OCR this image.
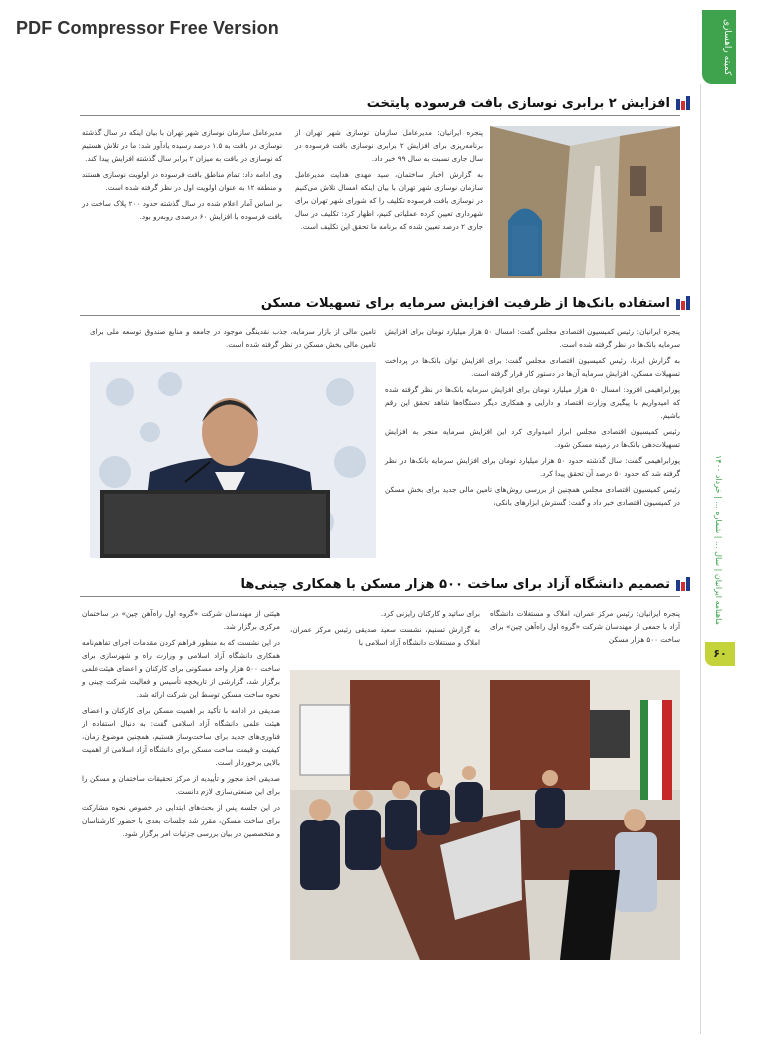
PDF Compressor Free Version	کمیته راهسازی
ماهنامه ایرانیان | سال ... | شماره ... | خرداد ۱۴۰۰
۶۰
افزایش ۲ برابری نوسازی بافت فرسوده پایتخت

پنجره ایرانیان: مدیرعامل سازمان نوسازی شهر تهران از برنامه‌ریزی برای افزایش ۲ برابری نوسازی بافت فرسوده در سال جاری نسبت به سال ۹۹ خبر داد.

به گزارش اخبار ساختمان، سید مهدی هدایت مدیرعامل سازمان نوسازی شهر تهران با بیان اینکه امسال تلاش می‌کنیم در نوسازی بافت فرسوده تکلیف را که شورای شهر تهران برای شهرداری تعیین کرده عملیاتی کنیم، اظهار کرد: تکلیف در سال جاری ۲ درصد تعیین شده که برنامه ما تحقق این تکلیف است.

مدیرعامل سازمان نوسازی شهر تهران با بیان اینکه در سال گذشته نوسازی در بافت به ۱.۵ درصد رسیده یادآور شد: ما در تلاش هستیم که نوسازی در بافت به میزان ۲ برابر سال گذشته افزایش پیدا کند.

وی ادامه داد: تمام مناطق بافت فرسوده در اولویت نوسازی هستند و منطقه ۱۲ به عنوان اولویت اول در نظر گرفته شده است.

بر اساس آمار اعلام شده در سال گذشته حدود ۲۰۰ پلاک ساخت در بافت فرسوده با افزایش ۶۰ درصدی روبه‌رو بود.

استفاده بانک‌ها از ظرفیت افزایش سرمایه برای تسهیلات مسکن

پنجره ایرانیان: رئیس کمیسیون اقتصادی مجلس گفت: امسال ۵۰ هزار میلیارد تومان برای افزایش سرمایه بانک‌ها در نظر گرفته شده است.

به گزارش ایرنا، رئیس کمیسیون اقتصادی مجلس گفت: برای افزایش توان بانک‌ها در پرداخت تسهیلات مسکن، افزایش سرمایه آن‌ها در دستور کار قرار گرفته است.

پورابراهیمی افزود: امسال ۵۰ هزار میلیارد تومان برای افزایش سرمایه بانک‌ها در نظر گرفته شده که امیدواریم با پیگیری وزارت اقتصاد و دارایی و همکاری دیگر دستگاه‌ها شاهد تحقق این رقم باشیم.

رئیس کمیسیون اقتصادی مجلس ابراز امیدواری کرد این افزایش سرمایه منجر به افزایش تسهیلات‌دهی بانک‌ها در زمینه مسکن شود.

پورابراهیمی گفت: سال گذشته حدود ۵۰ هزار میلیارد تومان برای افزایش سرمایه بانک‌ها در نظر گرفته شد که حدود ۵۰ درصد آن تحقق پیدا کرد.

رئیس کمیسیون اقتصادی مجلس همچنین از بررسی روش‌های تامین مالی جدید برای بخش مسکن در کمیسیون اقتصادی خبر داد و گفت: گسترش ابزارهای بانکی،

تامین مالی از بازار سرمایه، جذب نقدینگی موجود در جامعه و منابع صندوق توسعه ملی برای تامین مالی بخش مسکن در نظر گرفته شده است.

تصمیم دانشگاه آزاد برای ساخت ۵۰۰ هزار مسکن با همکاری چینی‌ها

پنجره ایرانیان: رئیس مرکز عمران، املاک و مستغلات دانشگاه آزاد با جمعی از مهندسان شرکت «گروه اول راه‌آهن چین» برای ساخت ۵۰۰ هزار مسکن

برای ساتید و کارکنان رایزنی کرد.

به گزارش تسنیم، نشست سعید صدیقی رئیس مرکز عمران، املاک و مستغلات دانشگاه آزاد اسلامی با

هیئتی از مهندسان شرکت «گروه اول راه‌آهن چین» در ساختمان مرکزی برگزار شد.

در این نشست که به منظور فراهم کردن مقدمات اجرای تفاهم‌نامه همکاری دانشگاه آزاد اسلامی و وزارت راه و شهرسازی برای ساخت ۵۰۰ هزار واحد مسکونی برای کارکنان و اعضای هیئت‌علمی برگزار شد، گزارشی از تاریخچه تأسیس و فعالیت شرکت چینی و نحوه ساخت مسکن توسط این شرکت ارائه شد.

صدیقی در ادامه با تأکید بر اهمیت مسکن برای کارکنان و اعضای هیئت علمی دانشگاه آزاد اسلامی گفت: به دنبال استفاده از فناوری‌های جدید برای ساخت‌وساز هستیم، همچنین موضوع زمان، کیفیت و قیمت ساخت مسکن برای دانشگاه آزاد اسلامی از اهمیت بالایی برخوردار است.

صدیقی اخذ مجوز و تأییدیه از مرکز تحقیقات ساختمان و مسکن را برای این صنعتی‌سازی لازم دانست.

در این جلسه پس از بحث‌های ابتدایی در خصوص نحوه مشارکت برای ساخت مسکن، مقرر شد جلسات بعدی با حضور کارشناسان و متخصصین در بیان بررسی جزئیات امر برگزار شود.
